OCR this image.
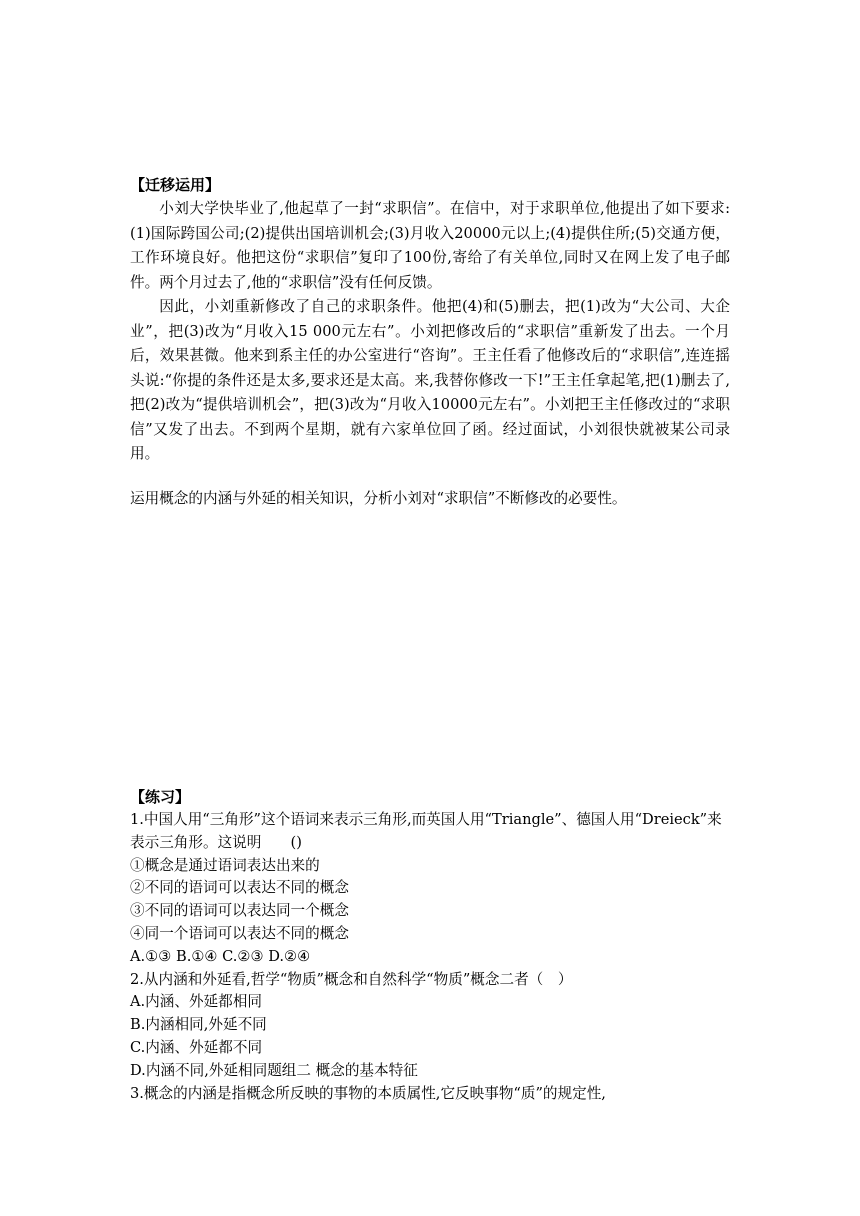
【迁移运用】

小刘大学快毕业了,他起草了一封“求职信”。在信中，对于求职单位,他提出了如下要求:(1)国际跨国公司;(2)提供出国培训机会;(3)月收入20000元以上;(4)提供住所;(5)交通方便，工作环境良好。他把这份“求职信”复印了100份,寄给了有关单位,同时又在网上发了电子邮件。两个月过去了,他的“求职信”没有任何反馈。

因此，小刘重新修改了自己的求职条件。他把(4)和(5)删去，把(1)改为“大公司、大企业”，把(3)改为“月收入15 000元左右”。小刘把修改后的“求职信”重新发了出去。一个月后，效果甚微。他来到系主任的办公室进行“咨询”。王主任看了他修改后的“求职信”,连连摇头说:“你提的条件还是太多,要求还是太高。来,我替你修改一下!”王主任拿起笔,把(1)删去了,把(2)改为“提供培训机会”，把(3)改为“月收入10000元左右”。小刘把王主任修改过的“求职信”又发了出去。不到两个星期，就有六家单位回了函。经过面试，小刘很快就被某公司录用。

运用概念的内涵与外延的相关知识，分析小刘对“求职信”不断修改的必要性。

【练习】

1.中国人用“三角形”这个语词来表示三角形,而英国人用“Triangle”、德国人用“Dreieck”来表示三角形。这说明　　()

①概念是通过语词表达出来的

②不同的语词可以表达不同的概念

③不同的语词可以表达同一个概念

④同一个语词可以表达不同的概念

A.①③ B.①④ C.②③ D.②④

2.从内涵和外延看,哲学“物质”概念和自然科学“物质”概念二者（　）

A.内涵、外延都相同

B.内涵相同,外延不同

C.内涵、外延都不同

D.内涵不同,外延相同题组二 概念的基本特征

3.概念的内涵是指概念所反映的事物的本质属性,它反映事物“质”的规定性,
